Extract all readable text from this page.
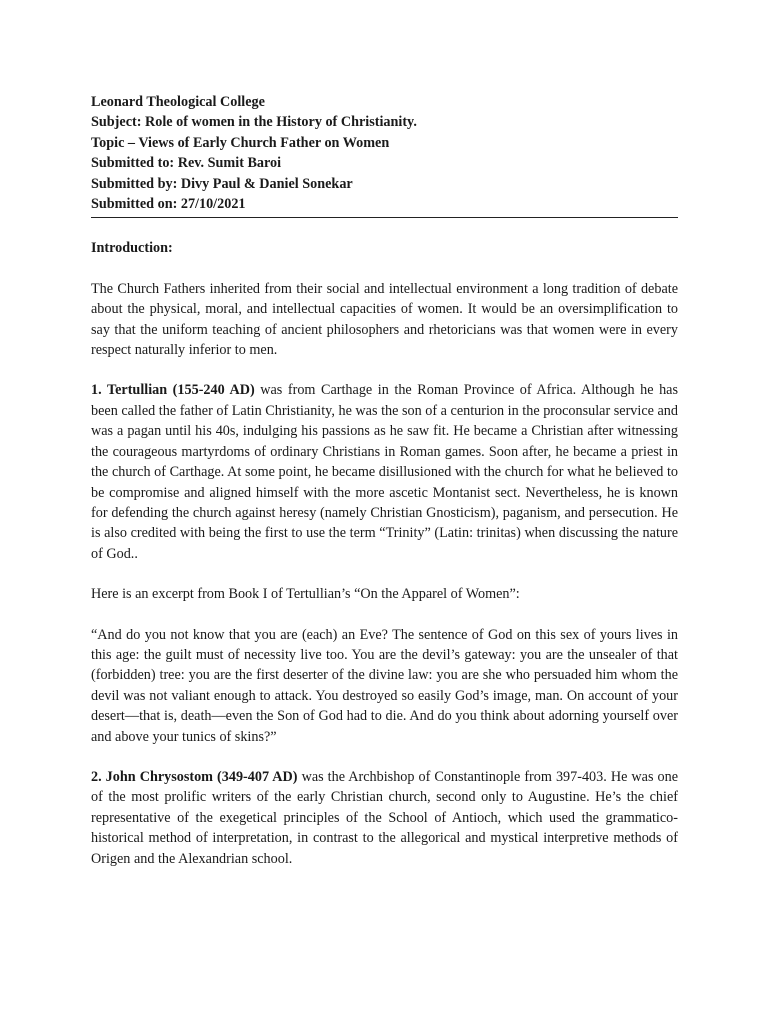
Leonard Theological College
Subject: Role of women in the History of Christianity.
Topic – Views of Early Church Father on Women
Submitted to: Rev. Sumit Baroi
Submitted by: Divy Paul & Daniel Sonekar
Submitted on: 27/10/2021
Introduction:

The Church Fathers inherited from their social and intellectual environment a long tradition of debate about the physical, moral, and intellectual capacities of women. It would be an oversimplification to say that the uniform teaching of ancient philosophers and rhetoricians was that women were in every respect naturally inferior to men.

1. Tertullian (155-240 AD) was from Carthage in the Roman Province of Africa. Although he has been called the father of Latin Christianity, he was the son of a centurion in the proconsular service and was a pagan until his 40s, indulging his passions as he saw fit. He became a Christian after witnessing the courageous martyrdoms of ordinary Christians in Roman games. Soon after, he became a priest in the church of Carthage. At some point, he became disillusioned with the church for what he believed to be compromise and aligned himself with the more ascetic Montanist sect. Nevertheless, he is known for defending the church against heresy (namely Christian Gnosticism), paganism, and persecution. He is also credited with being the first to use the term “Trinity” (Latin: trinitas) when discussing the nature of God..

Here is an excerpt from Book I of Tertullian’s “On the Apparel of Women”:

“And do you not know that you are (each) an Eve? The sentence of God on this sex of yours lives in this age: the guilt must of necessity live too. You are the devil’s gateway: you are the unsealer of that (forbidden) tree: you are the first deserter of the divine law: you are she who persuaded him whom the devil was not valiant enough to attack. You destroyed so easily God’s image, man. On account of your desert—that is, death—even the Son of God had to die. And do you think about adorning yourself over and above your tunics of skins?”

2. John Chrysostom (349-407 AD) was the Archbishop of Constantinople from 397-403. He was one of the most prolific writers of the early Christian church, second only to Augustine. He’s the chief representative of the exegetical principles of the School of Antioch, which used the grammatico-historical method of interpretation, in contrast to the allegorical and mystical interpretive methods of Origen and the Alexandrian school.
